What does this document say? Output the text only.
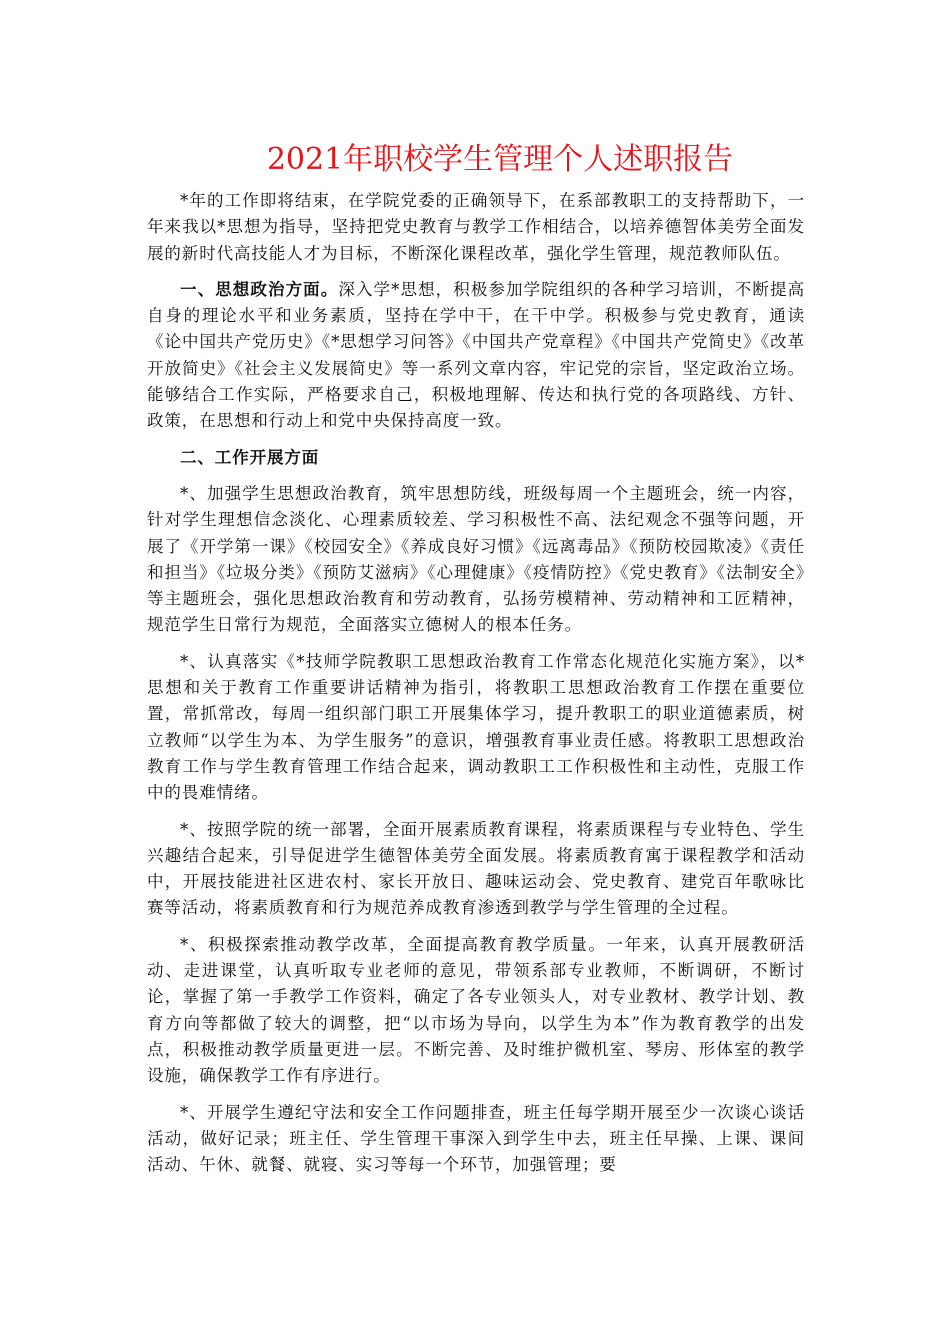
2021年职校学生管理个人述职报告

*年的工作即将结束，在学院党委的正确领导下，在系部教职工的支持帮助下，一年来我以*思想为指导，坚持把党史教育与教学工作相结合，以培养德智体美劳全面发展的新时代高技能人才为目标，不断深化课程改革，强化学生管理，规范教师队伍。

一、思想政治方面。深入学*思想，积极参加学院组织的各种学习培训，不断提高自身的理论水平和业务素质，坚持在学中干，在干中学。积极参与党史教育，通读《论中国共产党历史》《*思想学习问答》《中国共产党章程》《中国共产党简史》《改革开放简史》《社会主义发展简史》等一系列文章内容，牢记党的宗旨，坚定政治立场。能够结合工作实际，严格要求自己，积极地理解、传达和执行党的各项路线、方针、政策，在思想和行动上和党中央保持高度一致。

二、工作开展方面

*、加强学生思想政治教育，筑牢思想防线，班级每周一个主题班会，统一内容，针对学生理想信念淡化、心理素质较差、学习积极性不高、法纪观念不强等问题，开展了《开学第一课》《校园安全》《养成良好习惯》《远离毒品》《预防校园欺凌》《责任和担当》《垃圾分类》《预防艾滋病》《心理健康》《疫情防控》《党史教育》《法制安全》等主题班会，强化思想政治教育和劳动教育，弘扬劳模精神、劳动精神和工匠精神，规范学生日常行为规范，全面落实立德树人的根本任务。

*、认真落实《*技师学院教职工思想政治教育工作常态化规范化实施方案》，以*思想和关于教育工作重要讲话精神为指引，将教职工思想政治教育工作摆在重要位置，常抓常改，每周一组织部门职工开展集体学习，提升教职工的职业道德素质，树立教师“以学生为本、为学生服务”的意识，增强教育事业责任感。将教职工思想政治教育工作与学生教育管理工作结合起来，调动教职工工作积极性和主动性，克服工作中的畏难情绪。

*、按照学院的统一部署，全面开展素质教育课程，将素质课程与专业特色、学生兴趣结合起来，引导促进学生德智体美劳全面发展。将素质教育寓于课程教学和活动中，开展技能进社区进农村、家长开放日、趣味运动会、党史教育、建党百年歌咏比赛等活动，将素质教育和行为规范养成教育渗透到教学与学生管理的全过程。

*、积极探索推动教学改革，全面提高教育教学质量。一年来，认真开展教研活动、走进课堂，认真听取专业老师的意见，带领系部专业教师，不断调研，不断讨论，掌握了第一手教学工作资料，确定了各专业领头人，对专业教材、教学计划、教育方向等都做了较大的调整，把“以市场为导向，以学生为本”作为教育教学的出发点，积极推动教学质量更进一层。不断完善、及时维护微机室、琴房、形体室的教学设施，确保教学工作有序进行。

*、开展学生遵纪守法和安全工作问题排查，班主任每学期开展至少一次谈心谈话活动，做好记录；班主任、学生管理干事深入到学生中去，班主任早操、上课、课间活动、午休、就餐、就寝、实习等每一个环节，加强管理；要
